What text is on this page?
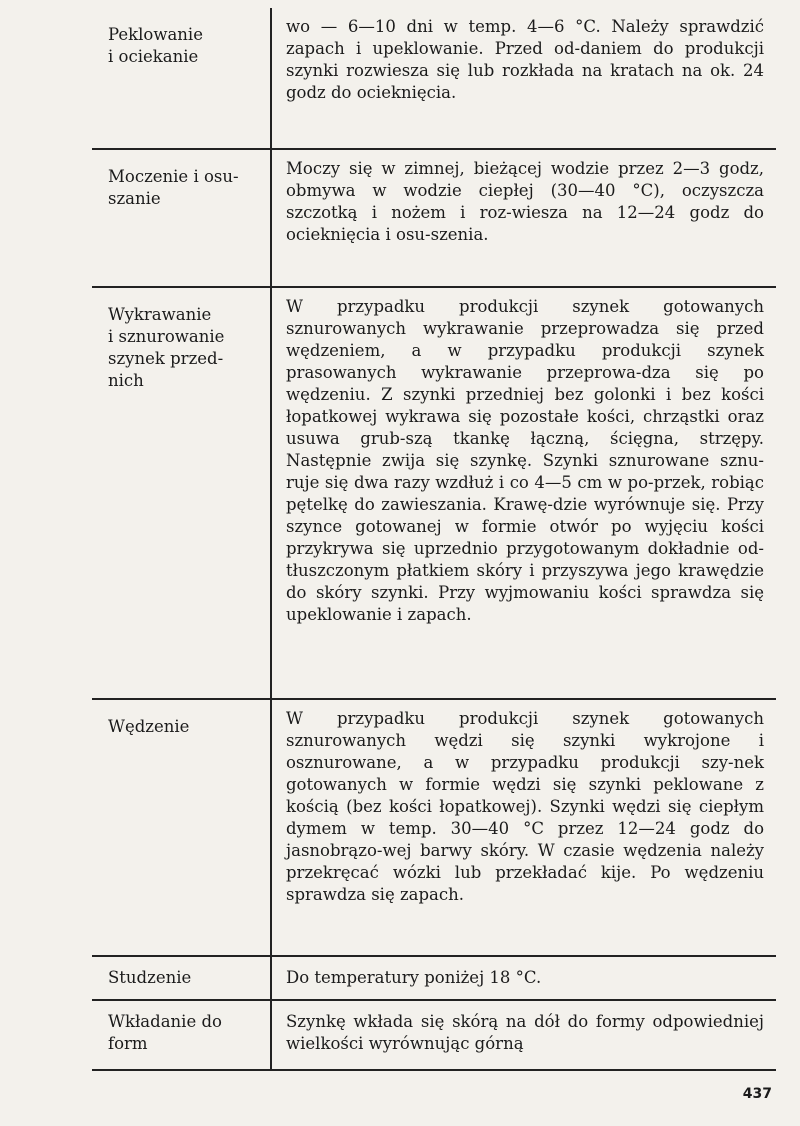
Peklowanie
i ociekanie
wo — 6—10 dni w temp. 4—6 °C. Należy sprawdzić zapach i upeklowanie. Przed od-daniem do produkcji szynki rozwiesza się lub rozkłada na kratach na ok. 24 godz do ocieknięcia.
Moczenie i osu-
szanie
Moczy się w zimnej, bieżącej wodzie przez 2—3 godz, obmywa w wodzie ciepłej (30—40 °C), oczyszcza szczotką i nożem i roz-wiesza na 12—24 godz do ocieknięcia i osu-szenia.
Wykrawanie
i sznurowanie
szynek przed-
nich
W przypadku produkcji szynek gotowanych sznurowanych wykrawanie przeprowadza się przed wędzeniem, a w przypadku produkcji szynek prasowanych wykrawanie przeprowa-dza się po wędzeniu. Z szynki przedniej bez golonki i bez kości łopatkowej wykrawa się pozostałe kości, chrząstki oraz usuwa grub-szą tkankę łączną, ścięgna, strzępy. Następnie zwija się szynkę. Szynki sznurowane sznu-ruje się dwa razy wzdłuż i co 4—5 cm w po-przek, robiąc pętelkę do zawieszania. Krawę-dzie wyrównuje się. Przy szynce gotowanej w formie otwór po wyjęciu kości przykrywa się uprzednio przygotowanym dokładnie od-tłuszczonym płatkiem skóry i przyszywa jego krawędzie do skóry szynki. Przy wyjmowaniu kości sprawdza się upeklowanie i zapach.
Wędzenie	W przypadku produkcji szynek gotowanych sznurowanych wędzi się szynki wykrojone i osznurowane, a w przypadku produkcji szy-nek gotowanych w formie wędzi się szynki peklowane z kością (bez kości łopatkowej). Szynki wędzi się ciepłym dymem w temp. 30—40 °C przez 12—24 godz do jasnobrązo-wej barwy skóry. W czasie wędzenia należy przekręcać wózki lub przekładać kije. Po wędzeniu sprawdza się zapach.
Studzenie	Do temperatury poniżej 18 °C.
Wkładanie do
form
Szynkę wkłada się skórą na dół do formy odpowiedniej wielkości wyrównując górną
437
